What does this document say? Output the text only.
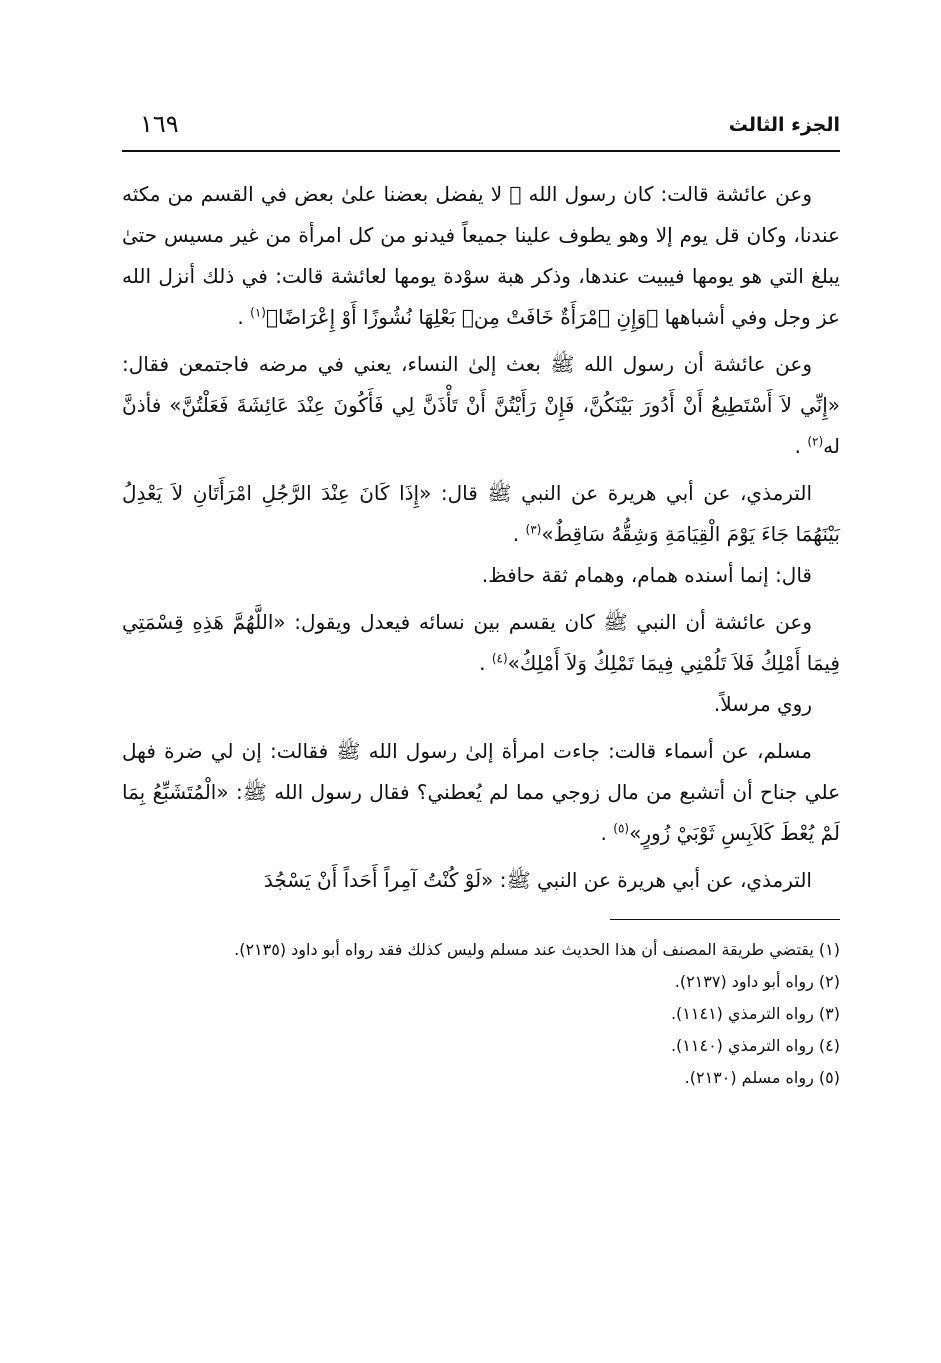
الجزء الثالث
١٦٩

وعن عائشة قالت: كان رسول الله ﷺ لا يفضل بعضنا علىٰ بعض في القسم من مكثه عندنا، وكان قل يوم إلا وهو يطوف علينا جميعاً فيدنو من كل امرأة من غير مسيس حتىٰ يبلغ التي هو يومها فيبيت عندها، وذكر هبة سوْدة يومها لعائشة قالت: في ذلك أنزل الله عز وجل وفي أشباهها ﴿وَإِنِ ٱمْرَأَةٌ خَافَتْ مِنۢ بَعْلِهَا نُشُوزًا أَوْ إِعْرَاضًا﴾$^{(١)}$ .

وعن عائشة أن رسول الله ﷺ بعث إلىٰ النساء، يعني في مرضه فاجتمعن فقال: «إِنِّي لاَ أَسْتَطِيعُ أَنْ أَدُورَ بَيْنَكُنَّ، فَإِنْ رَأَيْتُنَّ أَنْ تَأْذَنَّ لِي فَأَكُونَ عِنْدَ عَائِشَةَ فَعَلْتُنَّ» فأذنَّ له$^{(٢)}$ .

الترمذي، عن أبي هريرة عن النبي ﷺ قال: «إِذَا كَانَ عِنْدَ الرَّجُلِ امْرَأَتَانِ لاَ يَعْدِلُ بَيْنَهُمَا جَاءَ يَوْمَ الْقِيَامَةِ وَشِقُّهُ سَاقِطٌ»$^{(٣)}$ .

قال: إنما أسنده همام، وهمام ثقة حافظ.

وعن عائشة أن النبي ﷺ كان يقسم بين نسائه فيعدل ويقول: «اللَّهُمَّ هَذِهِ قِسْمَتِي فِيمَا أَمْلِكُ فَلاَ تَلُمْنِي فِيمَا تَمْلِكُ وَلاَ أَمْلِكُ»$^{(٤)}$ .

روي مرسلاً.

مسلم، عن أسماء قالت: جاءت امرأة إلىٰ رسول الله ﷺ فقالت: إن لي ضرة فهل علي جناح أن أتشبع من مال زوجي مما لم يُعطني؟ فقال رسول الله ﷺ: «الْمُتَشَبِّعُ بِمَا لَمْ يُعْطَ كَلاَبِسِ ثَوْبَيْ زُورٍ»$^{(٥)}$ .

الترمذي، عن أبي هريرة عن النبي ﷺ: «لَوْ كُنْتُ آمِراً أَحَداً أَنْ يَسْجُدَ

(١) يقتضي طريقة المصنف أن هذا الحديث عند مسلم وليس كذلك فقد رواه أبو داود (٢١٣٥).

(٢) رواه أبو داود (٢١٣٧).

(٣) رواه الترمذي (١١٤١).

(٤) رواه الترمذي (١١٤٠).

(٥) رواه مسلم (٢١٣٠).
